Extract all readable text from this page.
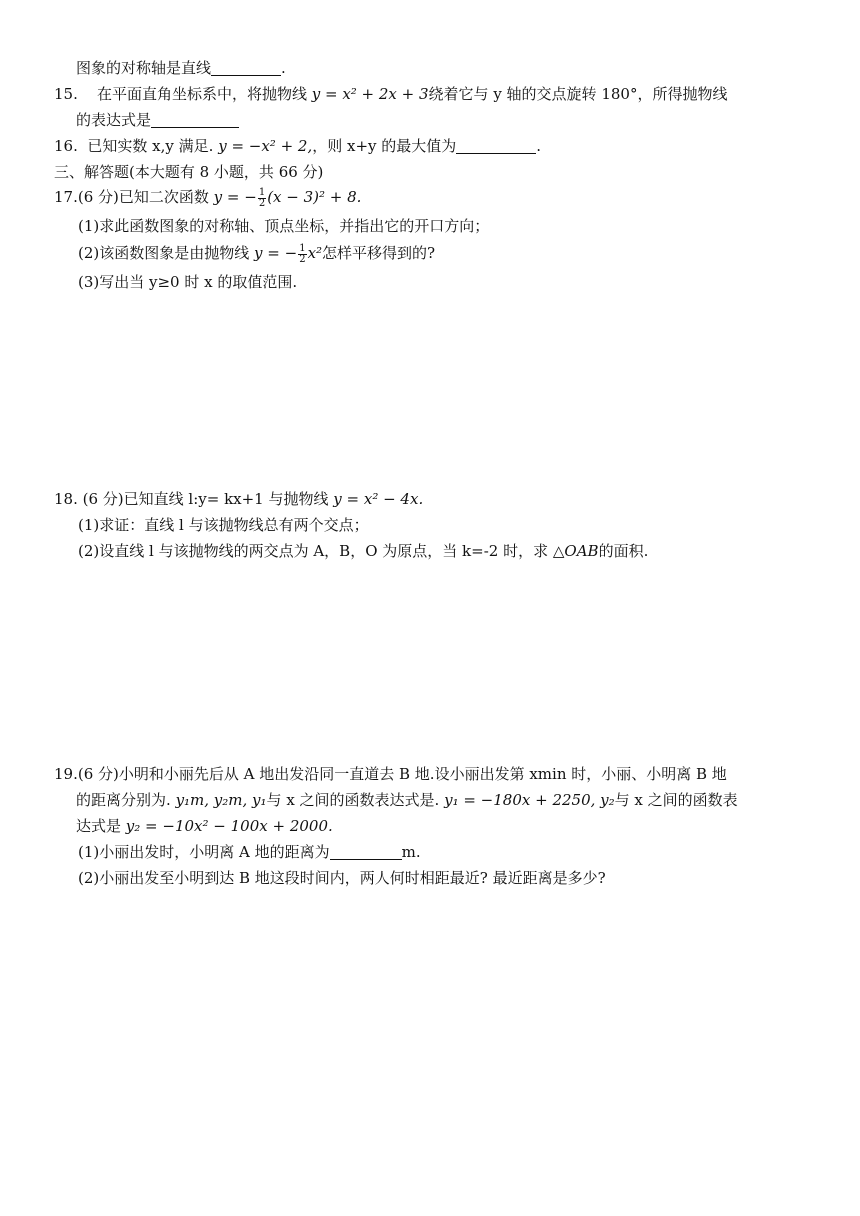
图象的对称轴是直线	.
15. 在平面直角坐标系中，将抛物线 y = x² + 2x + 3绕着它与 y 轴的交点旋转 180°，所得抛物线
的表达式是
16. 已知实数 x,y 满足. y = −x² + 2,，则 x+y 的最大值为	.
三、解答题(本大题有 8 小题，共 66 分)
17.(6 分)已知二次函数 y = − $\frac{1}{2} (x - 3)^2 + 8$.
(1)求此函数图象的对称轴、顶点坐标，并指出它的开口方向；
(2)该函数图象是由抛物线 y = − $\frac{1}{2} x^2$怎样平移得到的?
(3)写出当 y≥0 时 x 的取值范围.
18. (6 分)已知直线 l:y= kx+1 与抛物线 y = x² − 4x.
(1)求证：直线 l 与该抛物线总有两个交点；
(2)设直线 l 与该抛物线的两交点为 A，B，O 为原点，当 k=-2 时，求 △OAB的面积.
19.(6 分)小明和小丽先后从 A 地出发沿同一直道去 B 地.设小丽出发第 xmin 时，小丽、小明离 B 地
的距离分别为. y₁m, y₂m, y₁与 x 之间的函数表达式是. y₁ = −180x + 2250, y₂与 x 之间的函数表
达式是 y₂ = −10x² − 100x + 2000.
(1)小丽出发时，小明离 A 地的距离为	m.
(2)小丽出发至小明到达 B 地这段时间内，两人何时相距最近? 最近距离是多少?
